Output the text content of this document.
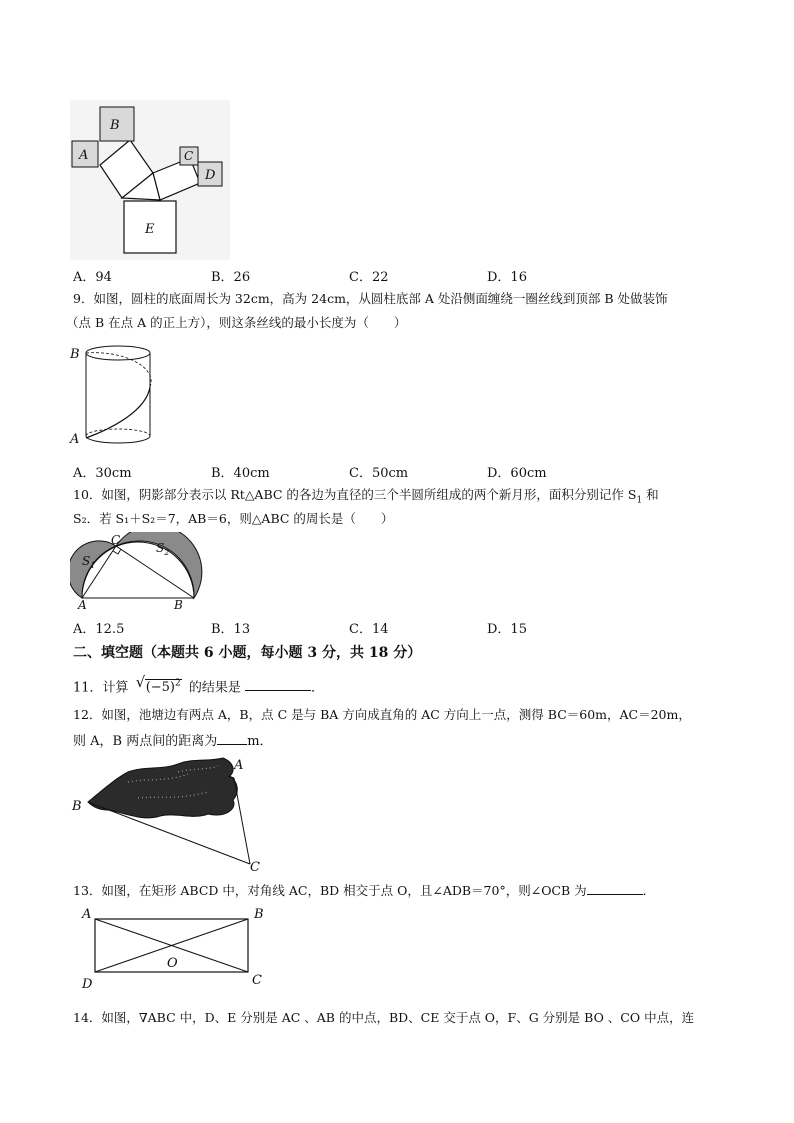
A
B
C
D
E
A．94	B．26	C．22	D．16
9．如图，圆柱的底面周长为 32cm，高为 24cm，从圆柱底部 A 处沿侧面缠绕一圈丝线到顶部 B 处做装饰
（点 B 在点 A 的正上方），则这条丝线的最小长度为（　　）
B
A
A．30cm	B．40cm	C．50cm	D．60cm
10．如图，阴影部分表示以 Rt△ABC 的各边为直径的三个半圆所组成的两个新月形，面积分别记作 $S_1$ 和
S₂．若 S₁＋S₂＝7，AB＝6，则△ABC 的周长是（　　）
A	B
C
$S_1$
$S_2$
A．12.5	B．13	C．14	D．15
二、填空题（本题共 6 小题，每小题 3 分，共 18 分）
11．计算 √ $(-5)^2$ 的结果是	．
12．如图，池塘边有两点 A，B，点 C 是与 BA 方向成直角的 AC 方向上一点，测得 BC＝60m，AC＝20m，
则 A，B 两点间的距离为 m．
A
B
C
13．如图，在矩形 ABCD 中，对角线 AC，BD 相交于点 O，且∠ADB＝70°，则∠OCB 为	．
A	B
C
D
O
14．如图，∇ABC 中，D、E 分别是 AC 、AB 的中点，BD、CE 交于点 O，F、G 分别是 BO 、CO 中点，连
